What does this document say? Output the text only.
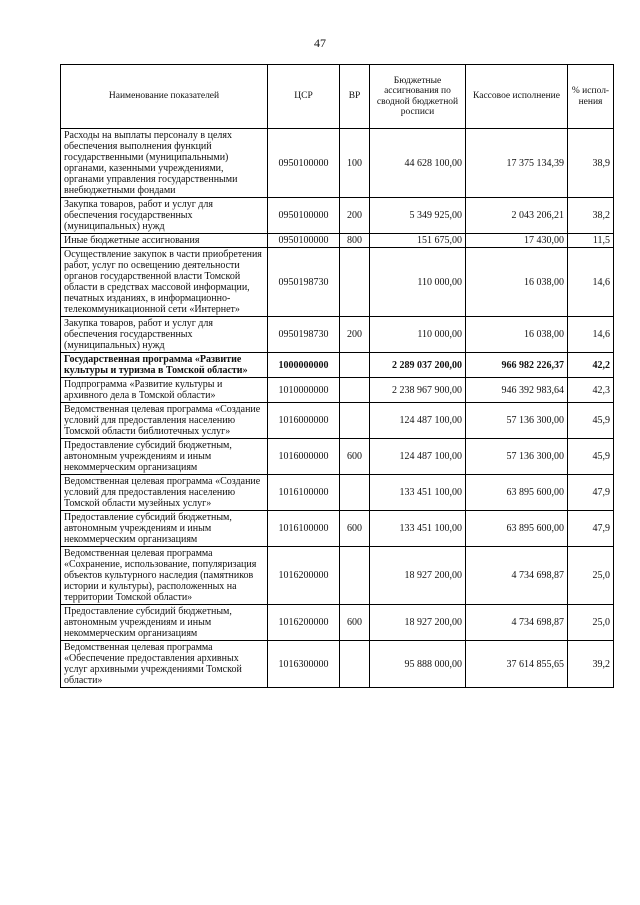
47
Наименование показателей	ЦСР	ВР	Бюджетные ассигнования по сводной бюджетной росписи	Кассовое исполнение	% испол-нения
Расходы на выплаты персоналу в целях обеспечения выполнения функций государственными (муниципальными) органами, казенными учреждениями, органами управления государственными внебюджетными фондами	0950100000	100	44 628 100,00	17 375 134,39	38,9
Закупка товаров, работ и услуг для обеспечения государственных (муниципальных) нужд	0950100000	200	5 349 925,00	2 043 206,21	38,2
Иные бюджетные ассигнования	0950100000	800	151 675,00	17 430,00	11,5
Осуществление закупок в части приобретения работ, услуг по освещению деятельности органов государственной власти Томской области в средствах массовой информации, печатных изданиях, в информационно-телекоммуникационной сети «Интернет»	0950198730		110 000,00	16 038,00	14,6
Закупка товаров, работ и услуг для обеспечения государственных (муниципальных) нужд	0950198730	200	110 000,00	16 038,00	14,6
Государственная программа «Развитие культуры и туризма в Томской области»	1000000000		2 289 037 200,00	966 982 226,37	42,2
Подпрограмма «Развитие культуры и архивного дела в Томской области»	1010000000		2 238 967 900,00	946 392 983,64	42,3
Ведомственная целевая программа «Создание условий для предоставления населению Томской области библиотечных услуг»	1016000000		124 487 100,00	57 136 300,00	45,9
Предоставление субсидий бюджетным, автономным учреждениям и иным некоммерческим организациям	1016000000	600	124 487 100,00	57 136 300,00	45,9
Ведомственная целевая программа «Создание условий для предоставления населению Томской области музейных услуг»	1016100000		133 451 100,00	63 895 600,00	47,9
Предоставление субсидий бюджетным, автономным учреждениям и иным некоммерческим организациям	1016100000	600	133 451 100,00	63 895 600,00	47,9
Ведомственная целевая программа «Сохранение, использование, популяризация объектов культурного наследия (памятников истории и культуры), расположенных на территории Томской области»	1016200000		18 927 200,00	4 734 698,87	25,0
Предоставление субсидий бюджетным, автономным учреждениям и иным некоммерческим организациям	1016200000	600	18 927 200,00	4 734 698,87	25,0
Ведомственная целевая программа «Обеспечение предоставления архивных услуг архивными учреждениями Томской области»	1016300000		95 888 000,00	37 614 855,65	39,2
